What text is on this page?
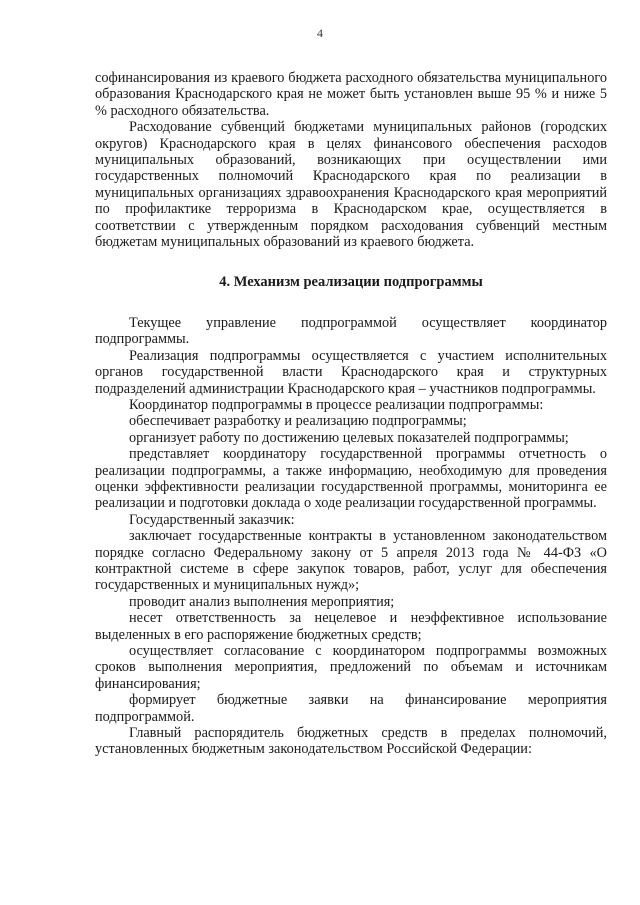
4

софинансирования из краевого бюджета расходного обязательства муниципального образования Краснодарского края не может быть установлен выше 95 % и ниже 5 % расходного обязательства.

Расходование субвенций бюджетами муниципальных районов (городских округов) Краснодарского края в целях финансового обеспечения расходов муниципальных образований, возникающих при осуществлении ими государственных полномочий Краснодарского края по реализации в муниципальных организациях здравоохранения Краснодарского края мероприятий по профилактике терроризма в Краснодарском крае, осуществляется в соответствии с утвержденным порядком расходования субвенций местным бюджетам муниципальных образований из краевого бюджета.

4. Механизм реализации подпрограммы

Текущее управление подпрограммой осуществляет координатор подпрограммы.

Реализация подпрограммы осуществляется с участием исполнительных органов государственной власти Краснодарского края и структурных подразделений администрации Краснодарского края – участников подпрограммы.

Координатор подпрограммы в процессе реализации подпрограммы:

обеспечивает разработку и реализацию подпрограммы;

организует работу по достижению целевых показателей подпрограммы;

представляет координатору государственной программы отчетность о реализации подпрограммы, а также информацию, необходимую для проведения оценки эффективности реализации государственной программы, мониторинга ее реализации и подготовки доклада о ходе реализации государственной программы.

Государственный заказчик:

заключает государственные контракты в установленном законодательством порядке согласно Федеральному закону от 5 апреля 2013 года № 44-ФЗ «О контрактной системе в сфере закупок товаров, работ, услуг для обеспечения государственных и муниципальных нужд»;

проводит анализ выполнения мероприятия;

несет ответственность за нецелевое и неэффективное использование выделенных в его распоряжение бюджетных средств;

осуществляет согласование с координатором подпрограммы возможных сроков выполнения мероприятия, предложений по объемам и источникам финансирования;

формирует бюджетные заявки на финансирование мероприятия подпрограммой.

Главный распорядитель бюджетных средств в пределах полномочий, установленных бюджетным законодательством Российской Федерации:
